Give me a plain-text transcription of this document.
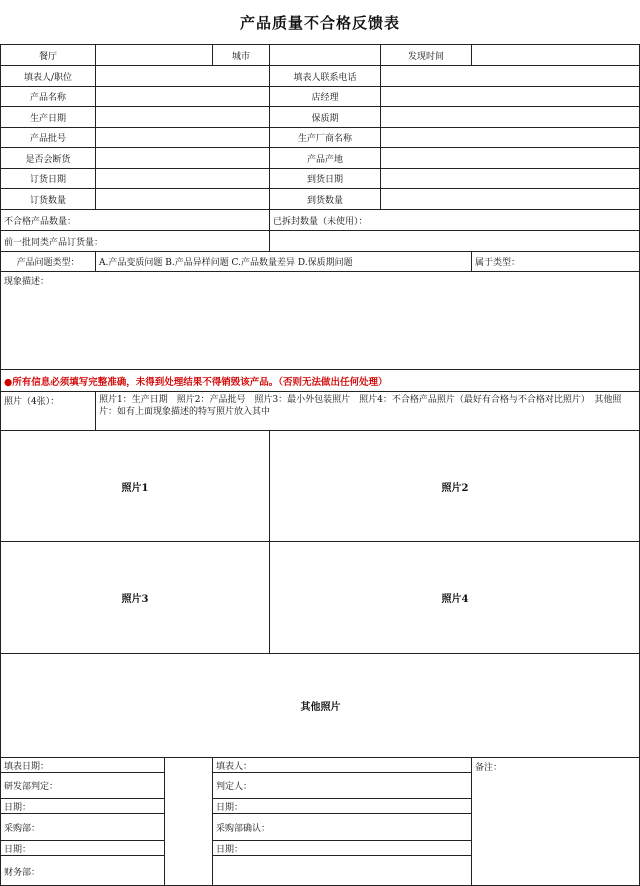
产品质量不合格反馈表
餐厅	城市	发现时间
填表人/职位	填表人联系电话
产品名称	店经理
生产日期	保质期
产品批号	生产厂商名称
是否会断货	产品产地
订货日期	到货日期
订货数量	到货数量
不合格产品数量：	已拆封数量（未使用）：
前一批同类产品订货量：
产品问题类型：	A.产品变质问题 B.产品异样问题 C.产品数量差异 D.保质期问题	属于类型：
现象描述：
●所有信息必须填写完整准确，未得到处理结果不得销毁该产品。（否则无法做出任何处理）
照片（4张）：	照片1：生产日期　照片2：产品批号　照片3：最小外包装照片　照片4：不合格产品照片（最好有合格与不合格对比照片）　其他照片：如有上面现象描述的特写照片放入其中
照片1	照片2
照片3	照片4
其他照片
填表日期：	填表人：	备注：
研发部判定：	判定人：
日期：	日期：
采购部：	采购部确认：
日期：	日期：
财务部：
